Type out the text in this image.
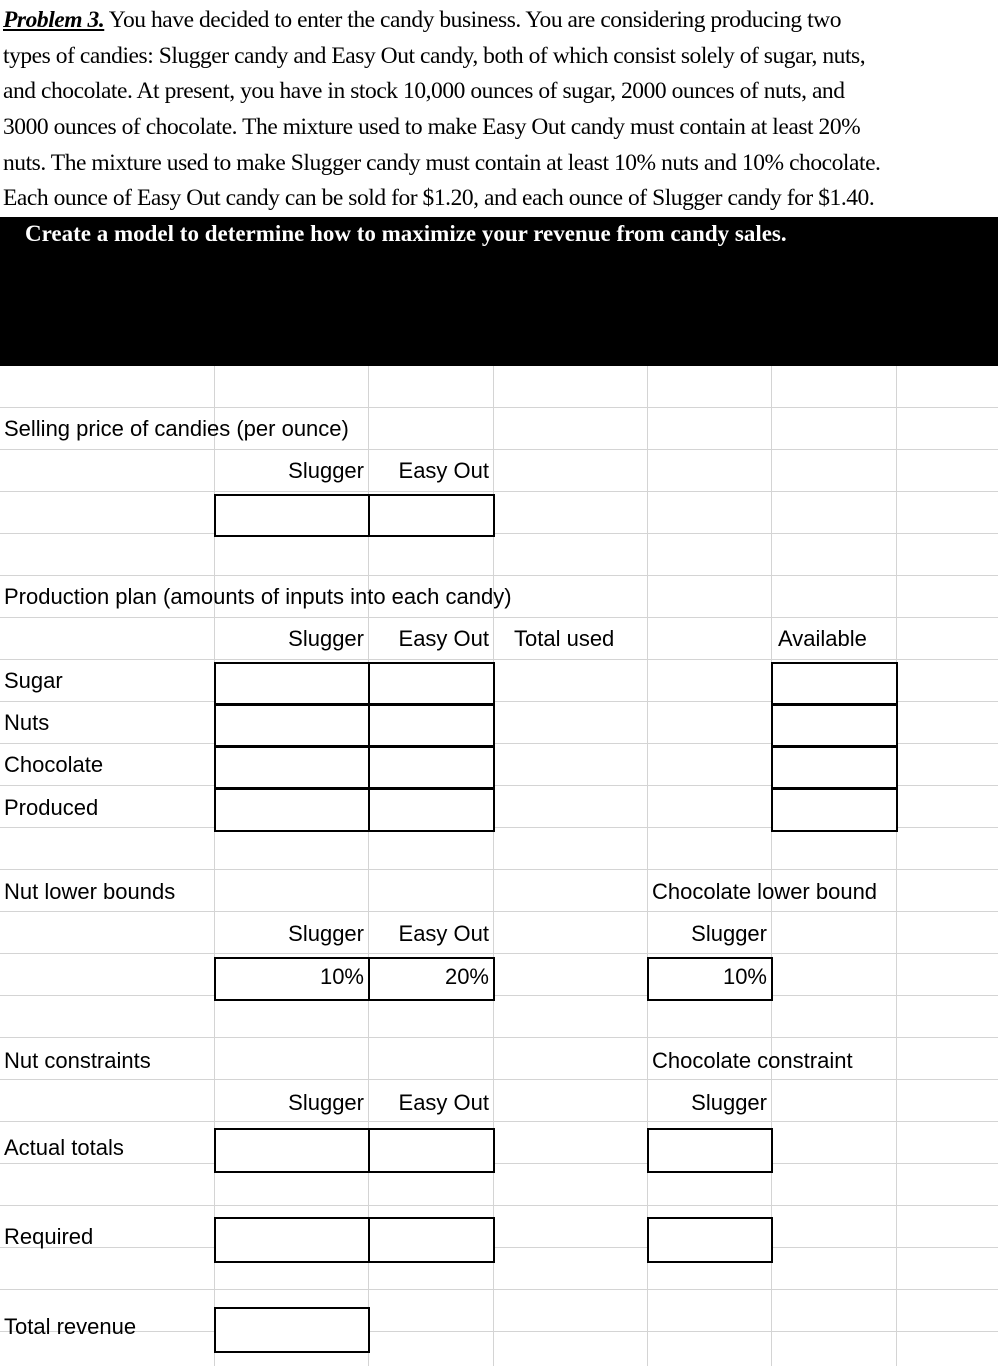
Problem 3. You have decided to enter the candy business. You are considering producing two
types of candies: Slugger candy and Easy Out candy, both of which consist solely of sugar, nuts,
and chocolate. At present, you have in stock 10,000 ounces of sugar, 2000 ounces of nuts, and
3000 ounces of chocolate. The mixture used to make Easy Out candy must contain at least 20%
nuts. The mixture used to make Slugger candy must contain at least 10% nuts and 10% chocolate.
Each ounce of Easy Out candy can be sold for $1.20, and each ounce of Slugger candy for $1.40.
Create a model to determine how to maximize your revenue from candy sales.
Selling price of candies (per ounce)
Slugger	Easy Out
Production plan (amounts of inputs into each candy)
Slugger	Easy Out Total used	Available
Sugar
Nuts
Chocolate
Produced
Nut lower bounds	Chocolate lower bound
Slugger	Easy Out	Slugger
10%	20%	10%
Nut constraints	Chocolate constraint
Slugger	Easy Out	Slugger
Actual totals
Required
Total revenue
